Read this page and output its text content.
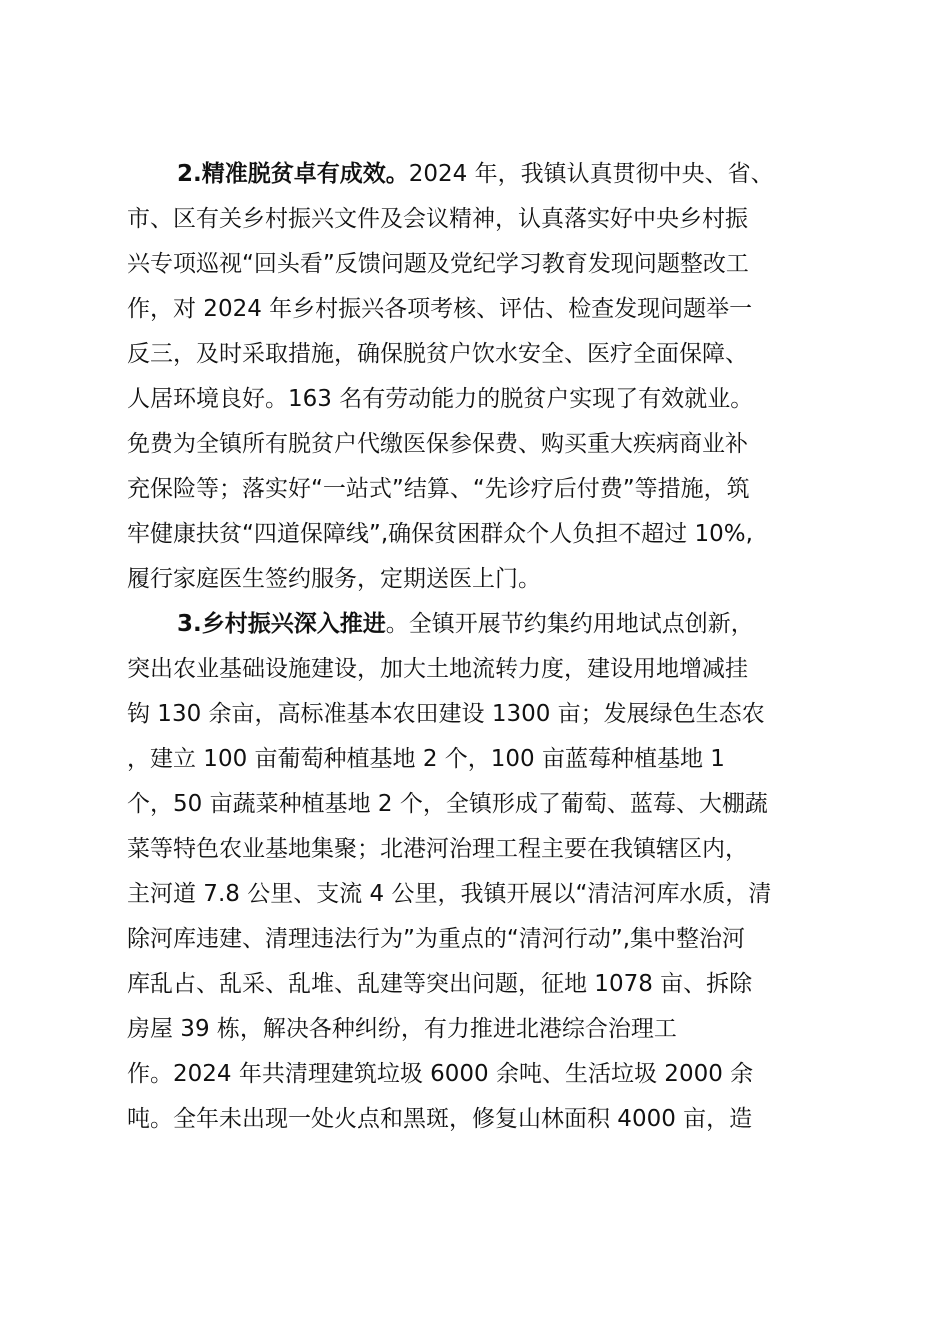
2.精准脱贫卓有成效。2024 年，我镇认真贯彻中央、省、
市、区有关乡村振兴文件及会议精神，认真落实好中央乡村振
兴专项巡视“回头看”反馈问题及党纪学习教育发现问题整改工
作，对 2024 年乡村振兴各项考核、评估、检查发现问题举一
反三，及时采取措施，确保脱贫户饮水安全、医疗全面保障、
人居环境良好。163 名有劳动能力的脱贫户实现了有效就业。
免费为全镇所有脱贫户代缴医保参保费、购买重大疾病商业补
充保险等；落实好“一站式”结算、“先诊疗后付费”等措施，筑
牢健康扶贫“四道保障线”,确保贫困群众个人负担不超过 10%,
履行家庭医生签约服务，定期送医上门。
3.乡村振兴深入推进。全镇开展节约集约用地试点创新，
突出农业基础设施建设，加大土地流转力度，建设用地增减挂
钩 130 余亩，高标准基本农田建设 1300 亩；发展绿色生态农
，建立 100 亩葡萄种植基地 2 个，100 亩蓝莓种植基地 1
个，50 亩蔬菜种植基地 2 个，全镇形成了葡萄、蓝莓、大棚蔬
菜等特色农业基地集聚；北港河治理工程主要在我镇辖区内，
主河道 7.8 公里、支流 4 公里，我镇开展以“清洁河库水质，清
除河库违建、清理违法行为”为重点的“清河行动”,集中整治河
库乱占、乱采、乱堆、乱建等突出问题，征地 1078 亩、拆除
房屋 39 栋，解决各种纠纷，有力推进北港综合治理工
作。2024 年共清理建筑垃圾 6000 余吨、生活垃圾 2000 余
吨。全年未出现一处火点和黑斑，修复山林面积 4000 亩，造
